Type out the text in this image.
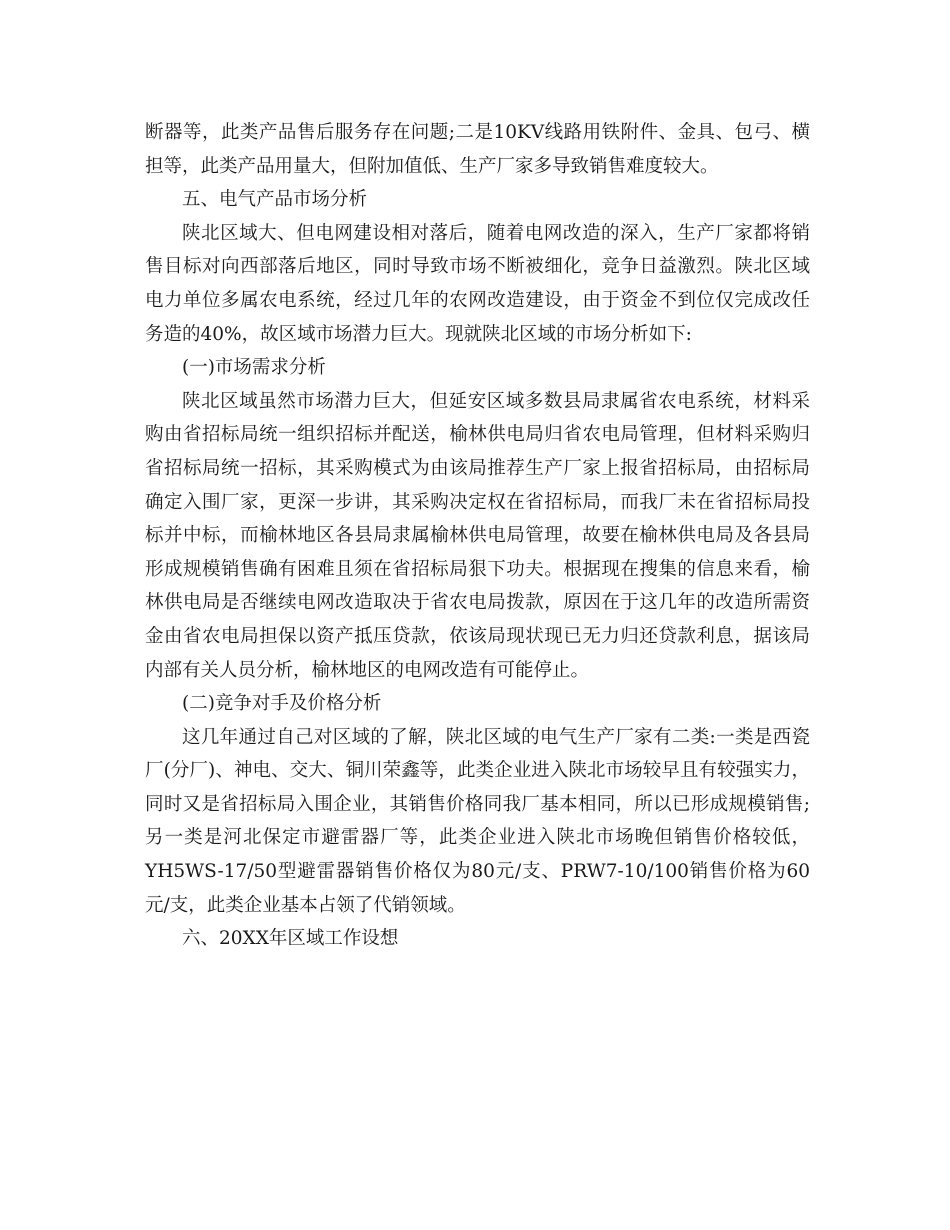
断器等，此类产品售后服务存在问题;二是10KV线路用铁附件、金具、包弓、横担等，此类产品用量大，但附加值低、生产厂家多导致销售难度较大。

五、电气产品市场分析

陕北区域大、但电网建设相对落后，随着电网改造的深入，生产厂家都将销售目标对向西部落后地区，同时导致市场不断被细化，竞争日益激烈。陕北区域电力单位多属农电系统，经过几年的农网改造建设，由于资金不到位仅完成改任务造的40%，故区域市场潜力巨大。现就陕北区域的市场分析如下:

(一)市场需求分析

陕北区域虽然市场潜力巨大，但延安区域多数县局隶属省农电系统，材料采购由省招标局统一组织招标并配送，榆林供电局归省农电局管理，但材料采购归省招标局统一招标，其采购模式为由该局推荐生产厂家上报省招标局，由招标局确定入围厂家，更深一步讲，其采购决定权在省招标局，而我厂未在省招标局投标并中标，而榆林地区各县局隶属榆林供电局管理，故要在榆林供电局及各县局形成规模销售确有困难且须在省招标局狠下功夫。根据现在搜集的信息来看，榆林供电局是否继续电网改造取决于省农电局拨款，原因在于这几年的改造所需资金由省农电局担保以资产抵压贷款，依该局现状现已无力归还贷款利息，据该局内部有关人员分析，榆林地区的电网改造有可能停止。

(二)竞争对手及价格分析

这几年通过自己对区域的了解，陕北区域的电气生产厂家有二类:一类是西瓷厂(分厂)、神电、交大、铜川荣鑫等，此类企业进入陕北市场较早且有较强实力，同时又是省招标局入围企业，其销售价格同我厂基本相同，所以已形成规模销售;另一类是河北保定市避雷器厂等，此类企业进入陕北市场晚但销售价格较低，YH5WS-17/50型避雷器销售价格仅为80元/支、PRW7-10/100销售价格为60元/支，此类企业基本占领了代销领域。

六、20XX年区域工作设想
